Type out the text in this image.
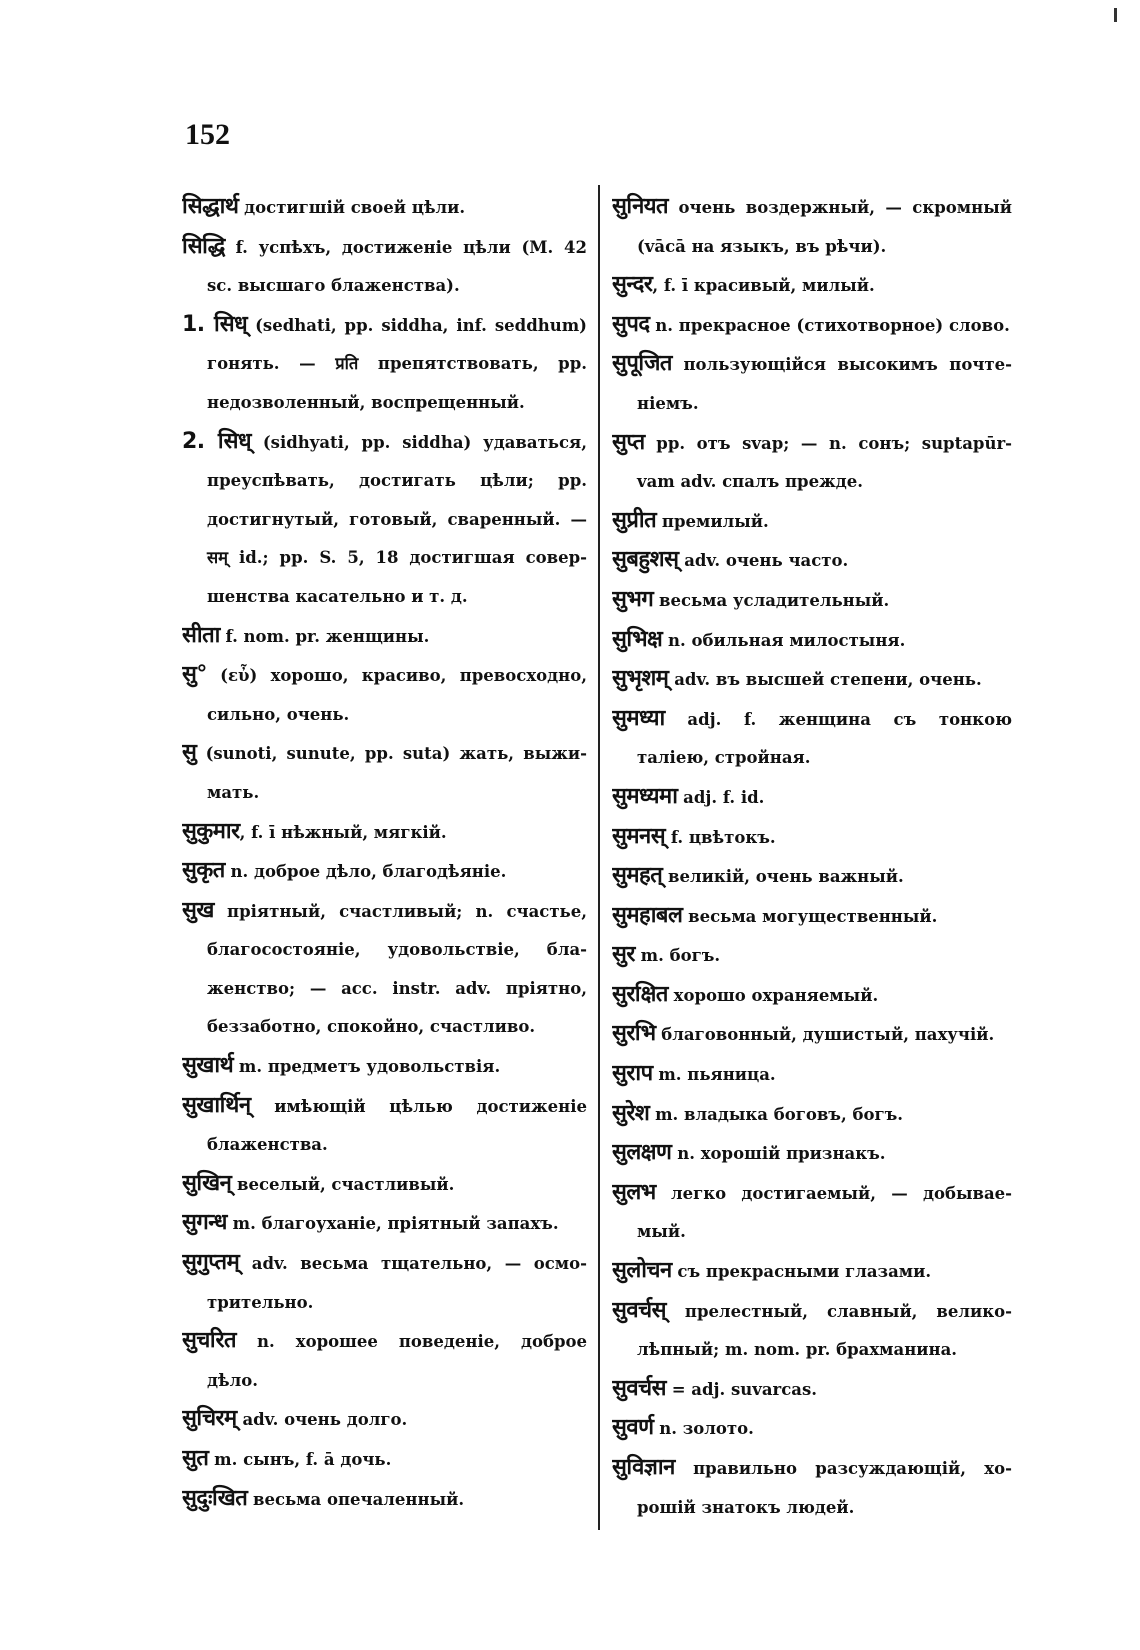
152
सिद्धार्थ достигшій своей цѣли.
सिद्धि f. успѣхъ, достиженіе цѣли (M. 42
sc. высшаго блаженства).
1. सिध् (sedhati, pp. siddha, inf. seddhum)
гонять. — प्रति препятствовать, pp.
недозволенный, воспрещенный.
2. सिध् (sidhyati, pp. siddha) удаваться,
преуспѣвать, достигать цѣли; pp.
достигнутый, готовый, сваренный. —
सम् id.; pp. S. 5, 18 достигшая совер-
шенства касательно и т. д.
सीता f. nom. pr. женщины.
सु° (εὖ) хорошо, красиво, превосходно,
сильно, очень.
सु (sunoti, sunute, pp. suta) жать, выжи-
мать.
सुकुमार, f. ī нѣжный, мягкій.
सुकृत n. доброе дѣло, благодѣяніе.
सुख пріятный, счастливый; n. счастье,
благосостояніе, удовольствіе, бла-
женство; — acc. instr. adv. пріятно,
беззаботно, спокойно, счастливо.
सुखार्थ m. предметъ удовольствія.
सुखार्थिन् имѣющій цѣлью достиженіе
блаженства.
सुखिन् веселый, счастливый.
सुगन्ध m. благоуханіе, пріятный запахъ.
सुगुप्तम् adv. весьма тщательно, — осмо-
трительно.
सुचरित n. хорошее поведеніе, доброе
дѣло.
सुचिरम् adv. очень долго.
सुत m. сынъ, f. ā дочь.
सुदुःखित весьма опечаленный.
सुनियत очень воздержный, — скромный
(vācā на языкъ, въ рѣчи).
सुन्दर, f. ī красивый, милый.
सुपद n. прекрасное (стихотворное) слово.
सुपूजित пользующійся высокимъ почте-
ніемъ.
सुप्त pp. отъ svap; — n. сонъ; suptapūr-
vam adv. спалъ прежде.
सुप्रीत премилый.
सुबहुशस् adv. очень часто.
सुभग весьма усладительный.
सुभिक्ष n. обильная милостыня.
सुभृशम् adv. въ высшей степени, очень.
सुमध्या adj. f. женщина съ тонкою
таліею, стройная.
सुमध्यमा adj. f. id.
सुमनस् f. цвѣтокъ.
सुमहत् великій, очень важный.
सुमहाबल весьма могущественный.
सुर m. богъ.
सुरक्षित хорошо охраняемый.
सुरभि благовонный, душистый, пахучій.
सुराप m. пьяница.
सुरेश m. владыка боговъ, богъ.
सुलक्षण n. хорошій признакъ.
सुलभ легко достигаемый, — добывае-
мый.
सुलोचन съ прекрасными глазами.
सुवर्चस् прелестный, славный, велико-
лѣпный; m. nom. pr. брахманина.
सुवर्चस = adj. suvarcas.
सुवर्ण n. золото.
सुविज्ञान правильно разсуждающій, хо-
рошій знатокъ людей.
